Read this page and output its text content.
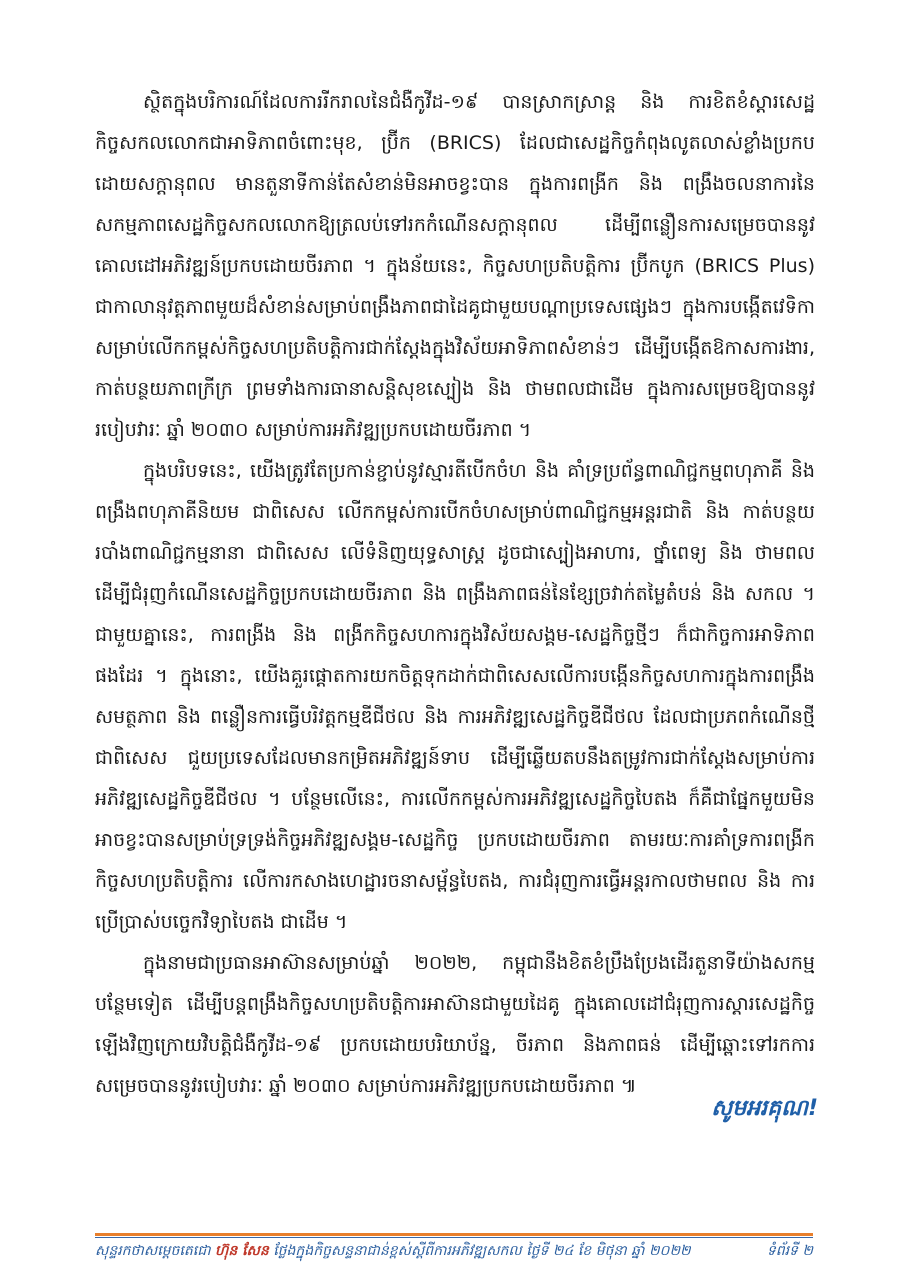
ស្ថិតក្នុងបរិការណ៍ដែលការរីករាលនៃជំងឺកូវីដ-១៩ បានស្រាកស្រាន្ត និង ការខិតខំស្តារសេដ្ឋកិច្ចសកលលោកជាអាទិភាពចំពោះមុខ, ប្រ៊ីក (BRICS) ដែលជាសេដ្ឋកិច្ចកំពុងលូតលាស់ខ្លាំងប្រកបដោយសក្តានុពល មានតួនាទីកាន់តែសំខាន់មិនអាចខ្វះបាន ក្នុងការពង្រីក និង ពង្រឹងចលនាការនៃសកម្មភាពសេដ្ឋកិច្ចសកលលោកឱ្យត្រលប់ទៅរកកំណើនសក្តានុពល ដើម្បីពន្លឿនការសម្រេចបាននូវគោលដៅអភិវឌ្ឍន៍ប្រកបដោយចីរភាព ។ ក្នុងន័យនេះ, កិច្ចសហប្រតិបត្តិការ ប្រ៊ីកបូក (BRICS Plus) ជាកាលានុវត្តភាពមួយដ៏សំខាន់សម្រាប់ពង្រឹងភាពជាដៃគូជាមួយបណ្តាប្រទេសផ្សេងៗ ក្នុងការបង្កើតវេទិកាសម្រាប់លើកកម្ពស់កិច្ចសហប្រតិបត្តិការជាក់ស្តែងក្នុងវិស័យអាទិភាពសំខាន់ៗ ដើម្បីបង្កើតឱកាសការងារ, កាត់បន្ថយភាពក្រីក្រ ព្រមទាំងការធានាសន្តិសុខស្បៀង និង ថាមពលជាដើម ក្នុងការសម្រេចឱ្យបាននូវរបៀបវារៈ ឆ្នាំ ២០៣០ សម្រាប់ការអភិវឌ្ឍប្រកបដោយចីរភាព ។

ក្នុងបរិបទនេះ, យើងត្រូវតែប្រកាន់ខ្ជាប់នូវស្មារតីបើកចំហ និង គាំទ្រប្រព័ន្ធពាណិជ្ជកម្មពហុភាគី និង ពង្រឹងពហុភាគីនិយម ជាពិសេស លើកកម្ពស់ការបើកចំហសម្រាប់ពាណិជ្ជកម្មអន្តរជាតិ និង កាត់បន្ថយរបាំងពាណិជ្ជកម្មនានា ជាពិសេស លើទំនិញយុទ្ធសាស្ត្រ ដូចជាស្បៀងអាហារ, ថ្នាំពេទ្យ និង ថាមពល ដើម្បីជំរុញកំណើនសេដ្ឋកិច្ចប្រកបដោយចីរភាព និង ពង្រឹងភាពធន់នៃខ្សែច្រវាក់តម្លៃតំបន់ និង សកល ។ ជាមួយគ្នានេះ, ការពង្រីង និង ពង្រីកកិច្ចសហការក្នុងវិស័យសង្គម-សេដ្ឋកិច្ចថ្មីៗ ក៏ជាកិច្ចការអាទិភាពផងដែរ ។ ក្នុងនោះ, យើងគួរផ្តោតការយកចិត្តទុកដាក់ជាពិសេសលើការបង្កើនកិច្ចសហការក្នុងការពង្រឹងសមត្ថភាព និង ពន្លឿនការធ្វើបរិវត្តកម្មឌីជីថល និង ការអភិវឌ្ឍសេដ្ឋកិច្ចឌីជីថល ដែលជាប្រភពកំណើនថ្មី ជាពិសេស ជួយប្រទេសដែលមានកម្រិតអភិវឌ្ឍន៍ទាប ដើម្បីឆ្លើយតបនឹងតម្រូវការជាក់ស្តែងសម្រាប់ការអភិវឌ្ឍសេដ្ឋកិច្ចឌីជីថល ។ បន្ថែមលើនេះ, ការលើកកម្ពស់ការអភិវឌ្ឍសេដ្ឋកិច្ចបៃតង ក៏គឺជាផ្នែកមួយមិនអាចខ្វះបានសម្រាប់ទ្រទ្រង់កិច្ចអភិវឌ្ឍសង្គម-សេដ្ឋកិច្ច ប្រកបដោយចីរភាព តាមរយៈការគាំទ្រការពង្រីកកិច្ចសហប្រតិបត្តិការ លើការកសាងហេដ្ឋារចនាសម្ព័ន្ធបៃតង, ការជំរុញការធ្វើអន្តរកាលថាមពល និង ការប្រើប្រាស់បច្ចេកវិទ្យាបៃតង ជាដើម ។

ក្នុងនាមជាប្រធានអាស៊ានសម្រាប់ឆ្នាំ ២០២២, កម្ពុជានឹងខិតខំប្រឹងប្រែងដើរតួនាទីយ៉ាងសកម្មបន្ថែមទៀត ដើម្បីបន្តពង្រឹងកិច្ចសហប្រតិបត្តិការអាស៊ានជាមួយដៃគូ ក្នុងគោលដៅជំរុញការស្តារសេដ្ឋកិច្ចឡើងវិញក្រោយវិបត្តិជំងឺកូវីដ-១៩ ប្រកបដោយបរិយាប័ន្ន, ចីរភាព និងភាពធន់ ដើម្បីឆ្ពោះទៅរកការសម្រេចបាននូវរបៀបវារៈ ឆ្នាំ ២០៣០ សម្រាប់ការអភិវឌ្ឍប្រកបដោយចីរភាព ៕

សូមអរគុណ!
សុន្ទរកថាសម្តេចតេជោ ហ៊ុន សែន ថ្លែងក្នុងកិច្ចសន្ទនាជាន់ខ្ពស់ស្តីពីការអភិវឌ្ឍសកល ថ្ងៃទី ២៤ ខែ មិថុនា ឆ្នាំ ២០២២	ទំព័រទី ២
